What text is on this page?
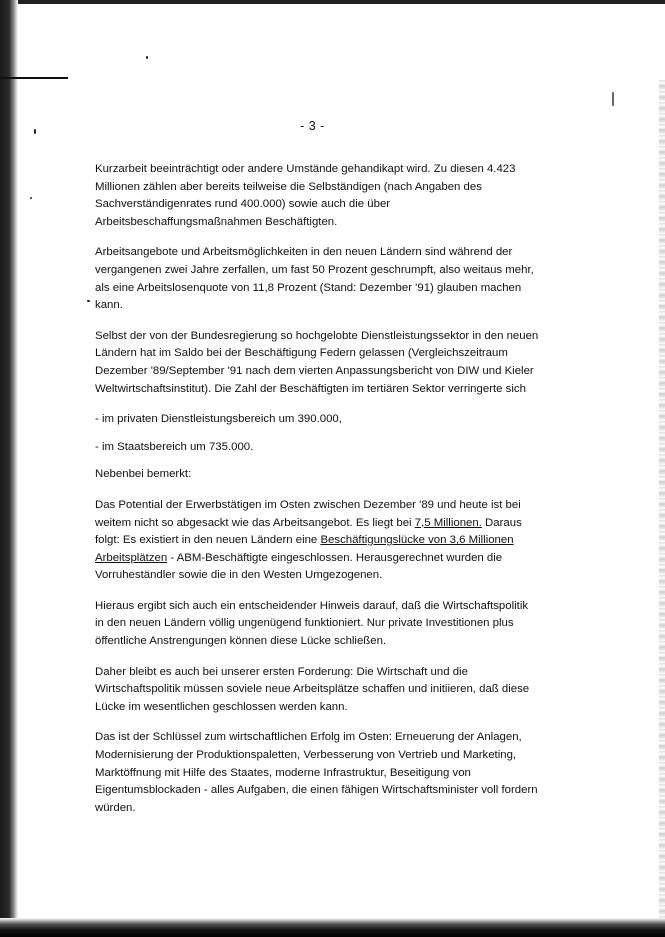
- 3 -

Kurzarbeit beeinträchtigt oder andere Umstände gehandikapt wird. Zu diesen 4.423 Millionen zählen aber bereits teilweise die Selbständigen (nach Angaben des Sachverständigenrates rund 400.000) sowie auch die über Arbeitsbeschaffungsmaßnahmen Beschäftigten.

Arbeitsangebote und Arbeitsmöglichkeiten in den neuen Ländern sind während der vergangenen zwei Jahre zerfallen, um fast 50 Prozent geschrumpft, also weitaus mehr, als eine Arbeitslosenquote von 11,8 Prozent (Stand: Dezember '91) glauben machen kann.

Selbst der von der Bundesregierung so hochgelobte Dienstleistungssektor in den neuen Ländern hat im Saldo bei der Beschäftigung Federn gelassen (Vergleichszeitraum Dezember '89/September '91 nach dem vierten Anpassungsbericht von DIW und Kieler Weltwirtschaftsinstitut). Die Zahl der Beschäftigten im tertiären Sektor verringerte sich

- im privaten Dienstleistungsbereich um 390.000,

- im Staatsbereich um 735.000.

Nebenbei bemerkt:

Das Potential der Erwerbstätigen im Osten zwischen Dezember '89 und heute ist bei weitem nicht so abgesackt wie das Arbeitsangebot. Es liegt bei 7,5 Millionen. Daraus folgt: Es existiert in den neuen Ländern eine Beschäftigungslücke von 3,6 Millionen Arbeitsplätzen - ABM-Beschäftigte eingeschlossen. Herausgerechnet wurden die Vorruheständler sowie die in den Westen Umgezogenen.

Hieraus ergibt sich auch ein entscheidender Hinweis darauf, daß die Wirtschaftspolitik in den neuen Ländern völlig ungenügend funktioniert. Nur private Investitionen plus öffentliche Anstrengungen können diese Lücke schließen.

Daher bleibt es auch bei unserer ersten Forderung: Die Wirtschaft und die Wirtschaftspolitik müssen soviele neue Arbeitsplätze schaffen und initiieren, daß diese Lücke im wesentlichen geschlossen werden kann.

Das ist der Schlüssel zum wirtschaftlichen Erfolg im Osten: Erneuerung der Anlagen, Modernisierung der Produktionspaletten, Verbesserung von Vertrieb und Marketing, Marktöffnung mit Hilfe des Staates, moderne Infrastruktur, Beseitigung von Eigentumsblockaden - alles Aufgaben, die einen fähigen Wirtschaftsminister voll fordern würden.
